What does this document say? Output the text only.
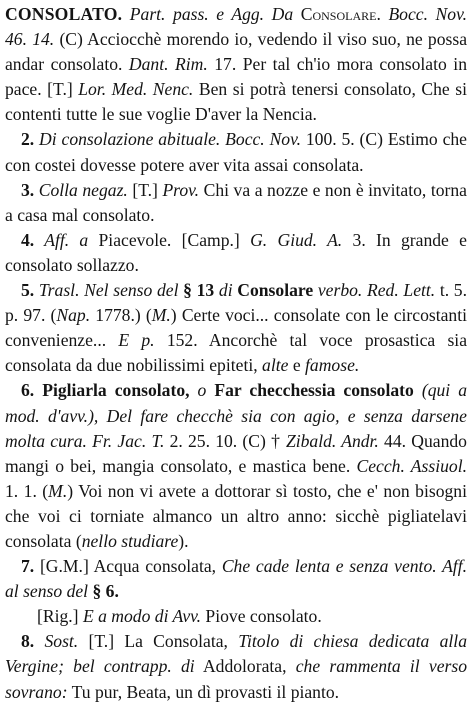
CONSOLATO. Part. pass. e Agg. Da Consolare. Bocc. Nov. 46. 14. (C) Acciocchè morendo io, vedendo il viso suo, ne possa andar consolato. Dant. Rim. 17. Per tal ch'io mora consolato in pace. [T.] Lor. Med. Nenc. Ben si potrà tenersi consolato, Che si contenti tutte le sue voglie D'aver la Nencia.

2. Di consolazione abituale. Bocc. Nov. 100. 5. (C) Estimo che con costei dovesse potere aver vita assai consolata.

3. Colla negaz. [T.] Prov. Chi va a nozze e non è invitato, torna a casa mal consolato.

4. Aff. a Piacevole. [Camp.] G. Giud. A. 3. In grande e consolato sollazzo.

5. Trasl. Nel senso del § 13 di Consolare verbo. Red. Lett. t. 5. p. 97. (Nap. 1778.) (M.) Certe voci... consolate con le circostanti convenienze... E p. 152. Ancorchè tal voce prosastica sia consolata da due nobilissimi epiteti, alte e famose.

6. Pigliarla consolato, o Far checchessia consolato (qui a mod. d'avv.), Del fare checchè sia con agio, e senza darsene molta cura. Fr. Jac. T. 2. 25. 10. (C) † Zibald. Andr. 44. Quando mangi o bei, mangia consolato, e mastica bene. Cecch. Assiuol. 1. 1. (M.) Voi non vi avete a dottorar sì tosto, che e' non bisogni che voi ci torniate almanco un altro anno: sicchè pigliatelavi consolata (nello studiare).

7. [G.M.] Acqua consolata, Che cade lenta e senza vento. Aff. al senso del § 6.

[Rig.] E a modo di Avv. Piove consolato.

8. Sost. [T.] La Consolata, Titolo di chiesa dedicata alla Vergine; bel contrapp. di Addolorata, che rammenta il verso sovrano: Tu pur, Beata, un dì provasti il pianto.
